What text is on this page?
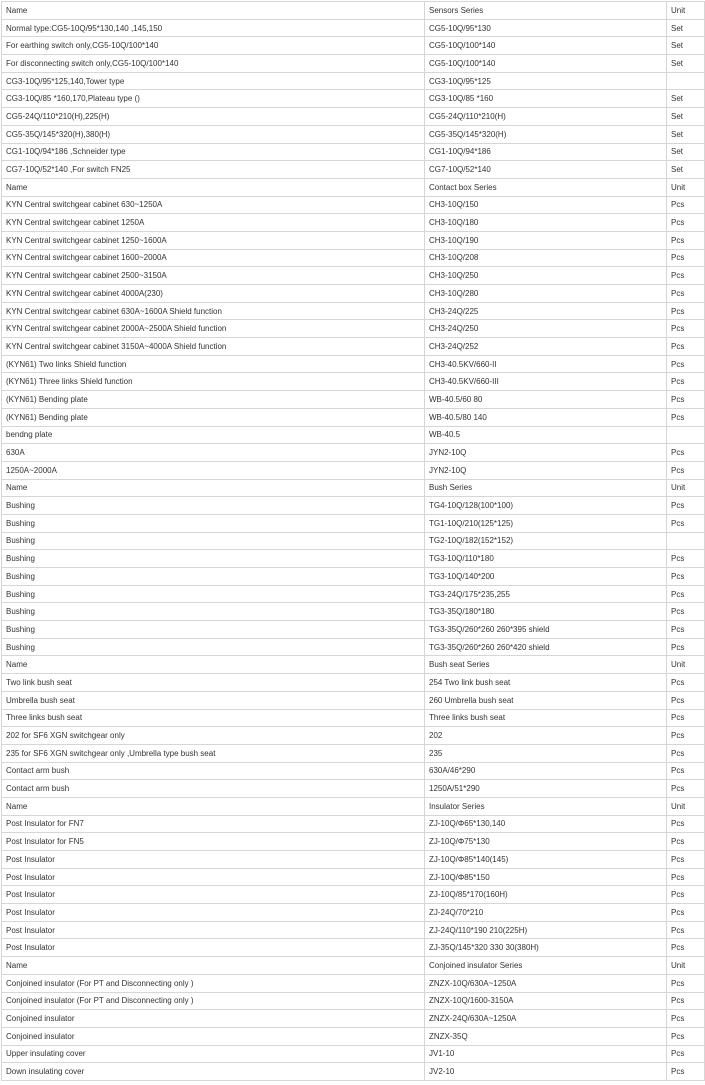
Name	Sensors Series	Unit
Normal type:CG5-10Q/95*130,140 ,145,150	CG5-10Q/95*130	Set
For earthing switch only,CG5-10Q/100*140	CG5-10Q/100*140	Set
For disconnecting switch only,CG5-10Q/100*140	CG5-10Q/100*140	Set
CG3-10Q/95*125,140,Tower type	CG3-10Q/95*125	
CG3-10Q/85 *160,170,Plateau type ()	CG3-10Q/85 *160	Set
CG5-24Q/110*210(H),225(H)	CG5-24Q/110*210(H)	Set
CG5-35Q/145*320(H),380(H)	CG5-35Q/145*320(H)	Set
CG1-10Q/94*186 ,Schneider type	CG1-10Q/94*186	Set
CG7-10Q/52*140 ,For switch FN25	CG7-10Q/52*140	Set
Name	Contact box Series	Unit
KYN Central switchgear cabinet 630~1250A	CH3-10Q/150	Pcs
KYN Central switchgear cabinet 1250A	CH3-10Q/180	Pcs
KYN Central switchgear cabinet 1250~1600A	CH3-10Q/190	Pcs
KYN Central switchgear cabinet 1600~2000A	CH3-10Q/208	Pcs
KYN Central switchgear cabinet 2500~3150A	CH3-10Q/250	Pcs
KYN Central switchgear cabinet 4000A(230)	CH3-10Q/280	Pcs
KYN Central switchgear cabinet 630A~1600A Shield function	CH3-24Q/225	Pcs
KYN Central switchgear cabinet 2000A~2500A Shield function	CH3-24Q/250	Pcs
KYN Central switchgear cabinet 3150A~4000A Shield function	CH3-24Q/252	Pcs
(KYN61) Two links Shield function	CH3-40.5KV/660-II	Pcs
(KYN61) Three links Shield function	CH3-40.5KV/660-III	Pcs
(KYN61) Bending plate	WB-40.5/60 80	Pcs
(KYN61) Bending plate	WB-40.5/80 140	Pcs
bendng plate	WB-40.5	
630A	JYN2-10Q	Pcs
1250A~2000A	JYN2-10Q	Pcs
Name	Bush Series	Unit
Bushing	TG4-10Q/128(100*100)	Pcs
Bushing	TG1-10Q/210(125*125)	Pcs
Bushing	TG2-10Q/182(152*152)	
Bushing	TG3-10Q/110*180	Pcs
Bushing	TG3-10Q/140*200	Pcs
Bushing	TG3-24Q/175*235,255	Pcs
Bushing	TG3-35Q/180*180	Pcs
Bushing	TG3-35Q/260*260 260*395 shield	Pcs
Bushing	TG3-35Q/260*260 260*420 shield	Pcs
Name	Bush seat Series	Unit
Two link bush seat	254 Two link bush seat	Pcs
Umbrella bush seat	260 Umbrella bush seat	Pcs
Three links bush seat	Three links bush seat	Pcs
202 for SF6 XGN switchgear only	202	Pcs
235 for SF6 XGN switchgear only ,Umbrella type bush seat	235	Pcs
Contact arm bush	630A/46*290	Pcs
Contact arm bush	1250A/51*290	Pcs
Name	Insulator Series	Unit
Post Insulator for FN7	ZJ-10Q/Φ65*130,140	Pcs
Post Insulator for FN5	ZJ-10Q/Φ75*130	Pcs
Post Insulator	ZJ-10Q/Φ85*140(145)	Pcs
Post Insulator	ZJ-10Q/Φ85*150	Pcs
Post Insulator	ZJ-10Q/85*170(160H)	Pcs
Post Insulator	ZJ-24Q/70*210	Pcs
Post Insulator	ZJ-24Q/110*190 210(225H)	Pcs
Post Insulator	ZJ-35Q/145*320 330 30(380H)	Pcs
Name	Conjoined insulator Series	Unit
Conjoined insulator (For PT and Disconnecting only )	ZNZX-10Q/630A~1250A	Pcs
Conjoined insulator (For PT and Disconnecting only )	ZNZX-10Q/1600-3150A	Pcs
Conjoined insulator	ZNZX-24Q/630A~1250A	Pcs
Conjoined insulator	ZNZX-35Q	Pcs
Upper insulating cover	JV1-10	Pcs
Down insulating cover	JV2-10	Pcs
